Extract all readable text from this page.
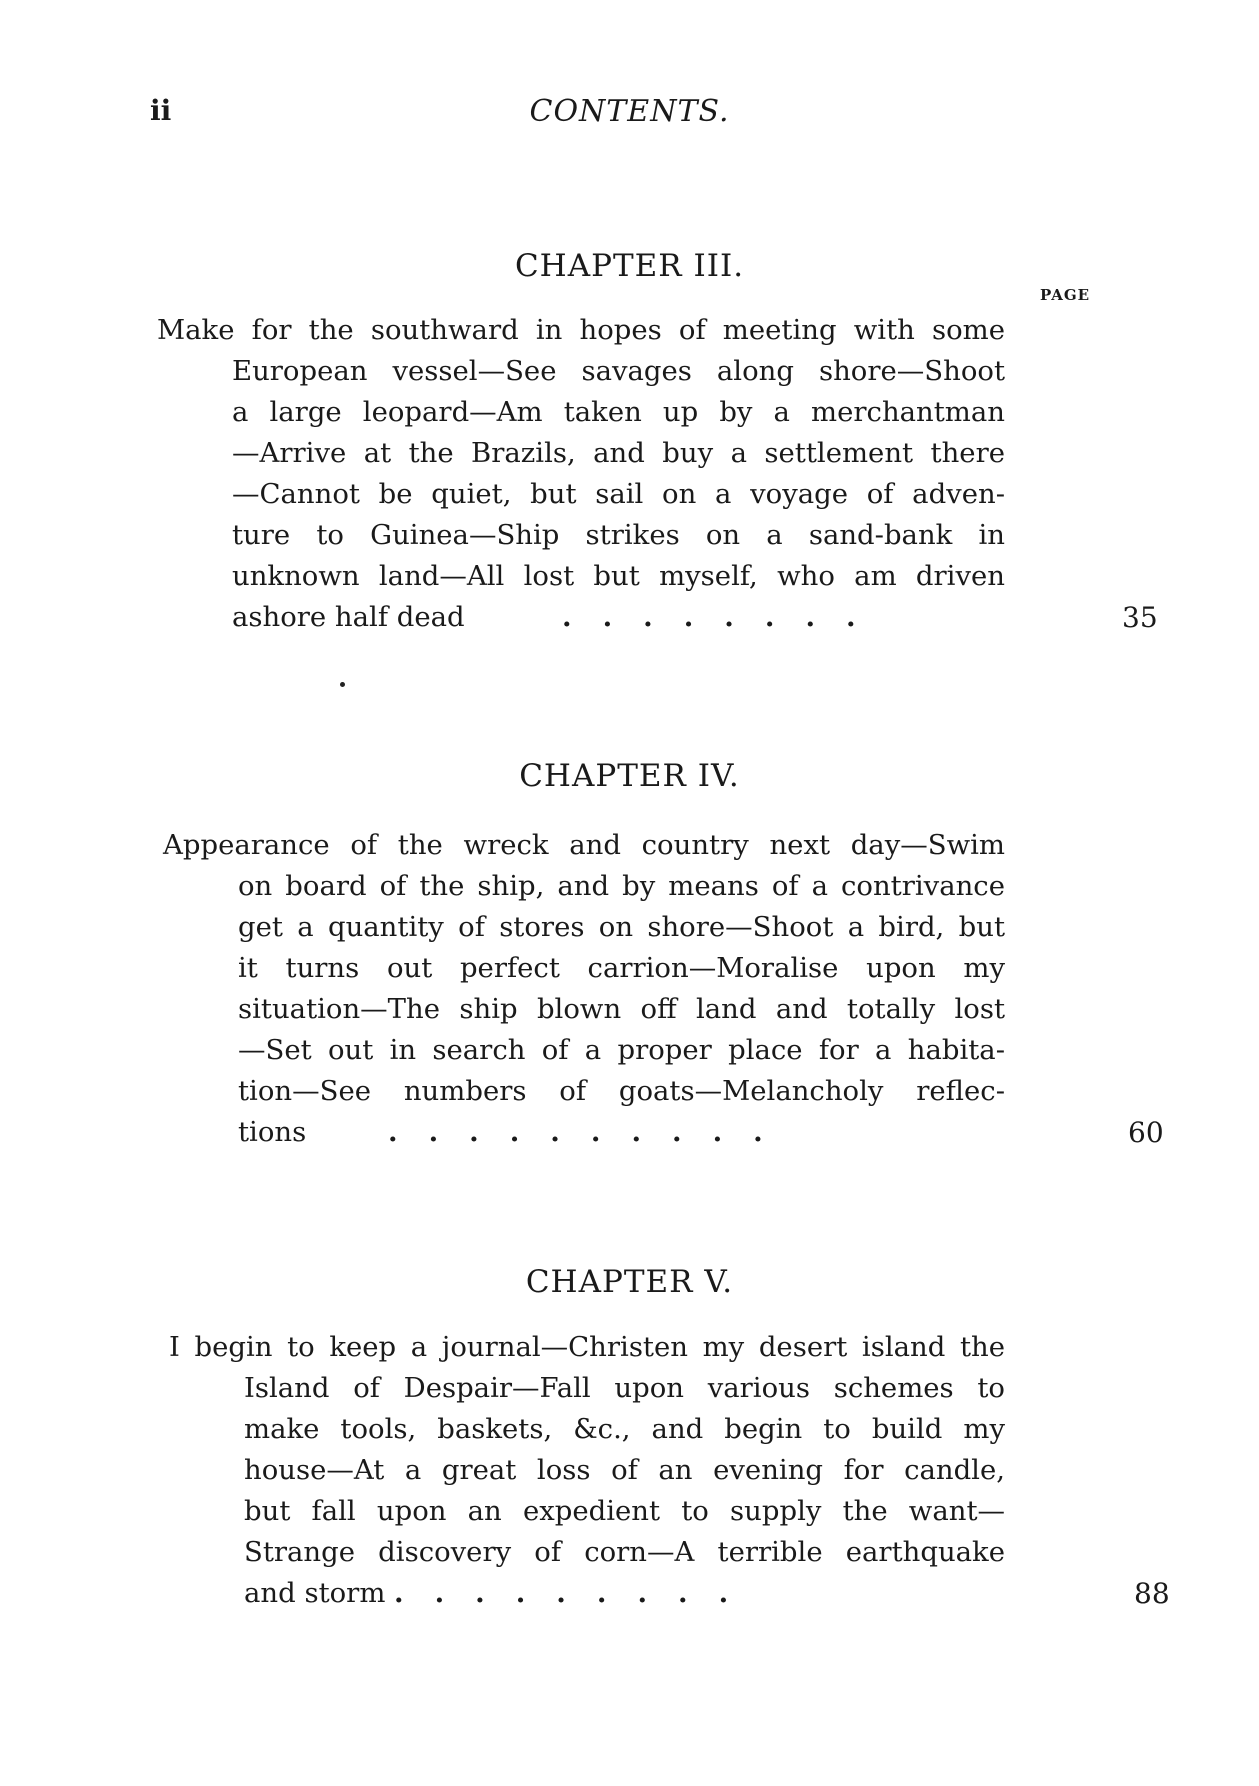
ii	CONTENTS.
CHAPTER III.
PAGE
Make for the southward in hopes of meeting with some
European vessel—See savages along shore—Shoot
a large leopard—Am taken up by a merchantman
—Arrive at the Brazils, and buy a settlement there
—Cannot be quiet, but sail on a voyage of adven-
ture to Guinea—Ship strikes on a sand-bank in
unknown land—All lost but myself, who am driven
ashore half dead	........	35
CHAPTER IV.
Appearance of the wreck and country next day—Swim
on board of the ship, and by means of a contrivance
get a quantity of stores on shore—Shoot a bird, but
it turns out perfect carrion—Moralise upon my
situation—The ship blown off land and totally lost
—Set out in search of a proper place for a habita-
tion—See numbers of goats—Melancholy reflec-
tions	..........	60
CHAPTER V.
I begin to keep a journal—Christen my desert island the
Island of Despair—Fall upon various schemes to
make tools, baskets, &c., and begin to build my
house—At a great loss of an evening for candle,
but fall upon an expedient to supply the want—
Strange discovery of corn—A terrible earthquake
and storm .........	88
